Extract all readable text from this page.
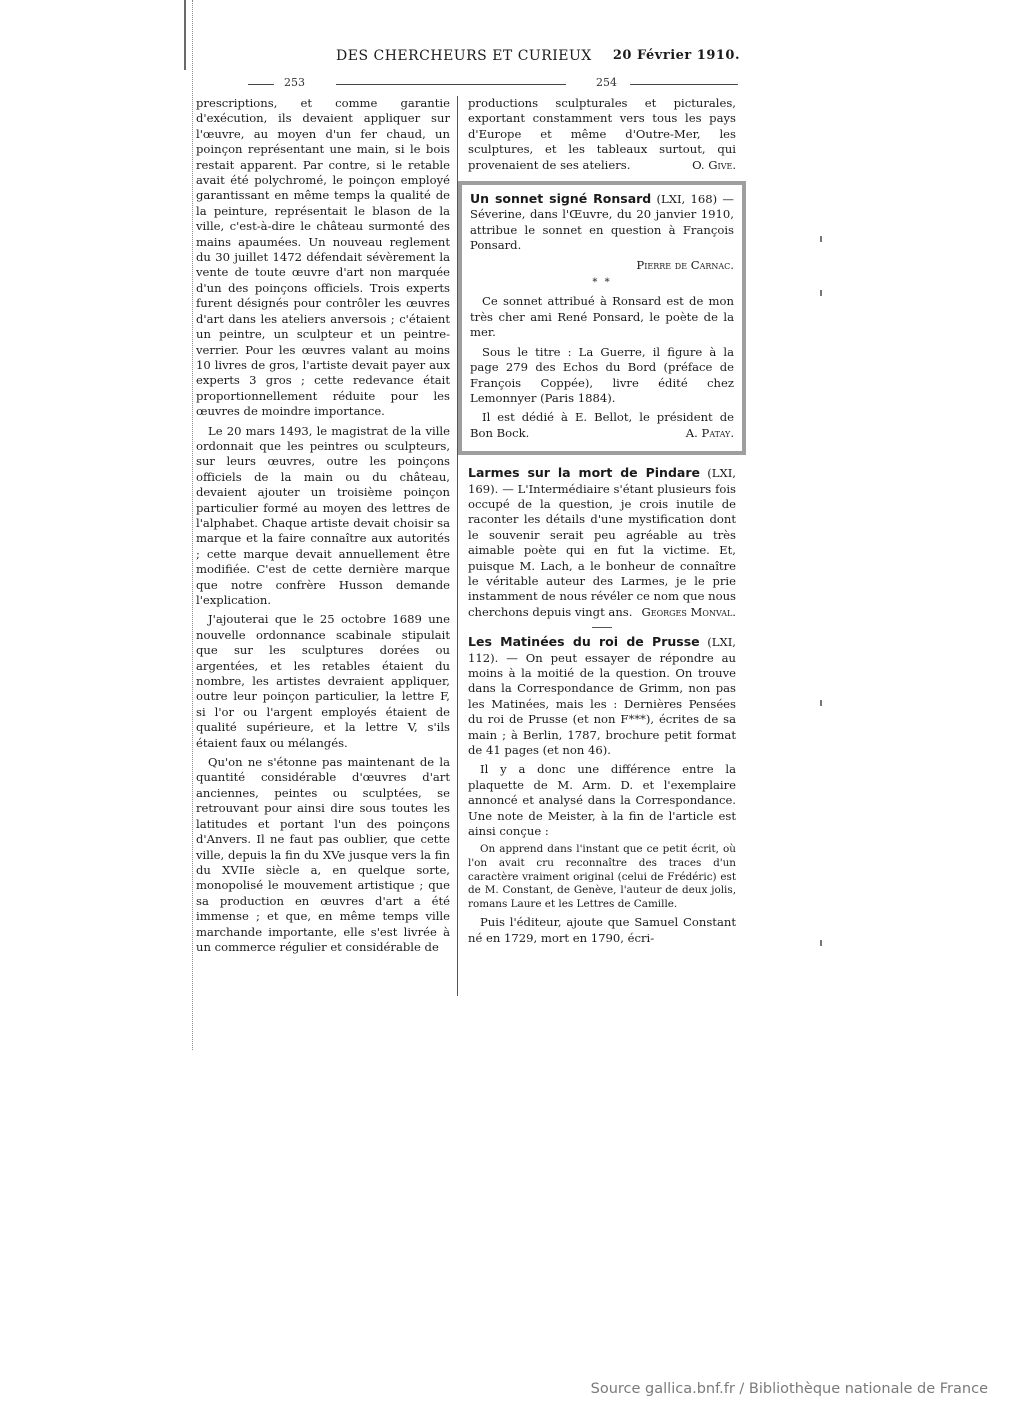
DES CHERCHEURS ET CURIEUX 20 Février 1910.
253	254

prescriptions, et comme garantie d'exécution, ils devaient appliquer sur l'œuvre, au moyen d'un fer chaud, un poinçon représentant une main, si le bois restait apparent. Par contre, si le retable avait été polychromé, le poinçon employé garantissant en même temps la qualité de la peinture, représentait le blason de la ville, c'est-à-dire le château surmonté des mains apaumées. Un nouveau reglement du 30 juillet 1472 défendait sévèrement la vente de toute œuvre d'art non marquée d'un des poinçons officiels. Trois experts furent désignés pour contrôler les œuvres d'art dans les ateliers anversois ; c'étaient un peintre, un sculpteur et un peintre-verrier. Pour les œuvres valant au moins 10 livres de gros, l'artiste devait payer aux experts 3 gros ; cette redevance était proportionnellement réduite pour les œuvres de moindre importance.

Le 20 mars 1493, le magistrat de la ville ordonnait que les peintres ou sculpteurs, sur leurs œuvres, outre les poinçons officiels de la main ou du château, devaient ajouter un troisième poinçon particulier formé au moyen des lettres de l'alphabet. Chaque artiste devait choisir sa marque et la faire connaître aux autorités ; cette marque devait annuellement être modifiée. C'est de cette dernière marque que notre confrère Husson demande l'explication.

J'ajouterai que le 25 octobre 1689 une nouvelle ordonnance scabinale stipulait que sur les sculptures dorées ou argentées, et les retables étaient du nombre, les artistes devraient appliquer, outre leur poinçon particulier, la lettre F, si l'or ou l'argent employés étaient de qualité supérieure, et la lettre V, s'ils étaient faux ou mélangés.

Qu'on ne s'étonne pas maintenant de la quantité considérable d'œuvres d'art anciennes, peintes ou sculptées, se retrouvant pour ainsi dire sous toutes les latitudes et portant l'un des poinçons d'Anvers. Il ne faut pas oublier, que cette ville, depuis la fin du XVe jusque vers la fin du XVIIe siècle a, en quelque sorte, monopolisé le mouvement artistique ; que sa production en œuvres d'art a été immense ; et que, en même temps ville marchande importante, elle s'est livrée à un commerce régulier et considérable de

productions sculpturales et picturales, exportant constamment vers tous les pays d'Europe et même d'Outre-Mer, les sculptures, et les tableaux surtout, qui provenaient de ses ateliers.	O. Give.

Un sonnet signé Ronsard (LXI, 168) — Séverine, dans l'Œuvre, du 20 janvier 1910, attribue le sonnet en question à François Ponsard.

Pierre de Carnac.
* *

Ce sonnet attribué à Ronsard est de mon très cher ami René Ponsard, le poète de la mer.

Sous le titre : La Guerre, il figure à la page 279 des Echos du Bord (préface de François Coppée), livre édité chez Lemonnyer (Paris 1884).

Il est dédié à E. Bellot, le président de Bon Bock.	A. Patay.

Larmes sur la mort de Pindare (LXI, 169). — L'Intermédiaire s'étant plusieurs fois occupé de la question, je crois inutile de raconter les détails d'une mystification dont le souvenir serait peu agréable au très aimable poète qui en fut la victime. Et, puisque M. Lach, a le bonheur de connaître le véritable auteur des Larmes, je le prie instamment de nous révéler ce nom que nous cherchons depuis vingt ans. Georges Monval.

Les Matinées du roi de Prusse (LXI, 112). — On peut essayer de répondre au moins à la moitié de la question. On trouve dans la Correspondance de Grimm, non pas les Matinées, mais les : Dernières Pensées du roi de Prusse (et non F***), écrites de sa main ; à Berlin, 1787, brochure petit format de 41 pages (et non 46).

Il y a donc une différence entre la plaquette de M. Arm. D. et l'exemplaire annoncé et analysé dans la Correspondance. Une note de Meister, à la fin de l'article est ainsi conçue :

On apprend dans l'instant que ce petit écrit, où l'on avait cru reconnaître des traces d'un caractère vraiment original (celui de Frédéric) est de M. Constant, de Genève, l'auteur de deux jolis, romans Laure et les Lettres de Camille.

Puis l'éditeur, ajoute que Samuel Constant né en 1729, mort en 1790, écri-

Source gallica.bnf.fr / Bibliothèque nationale de France
